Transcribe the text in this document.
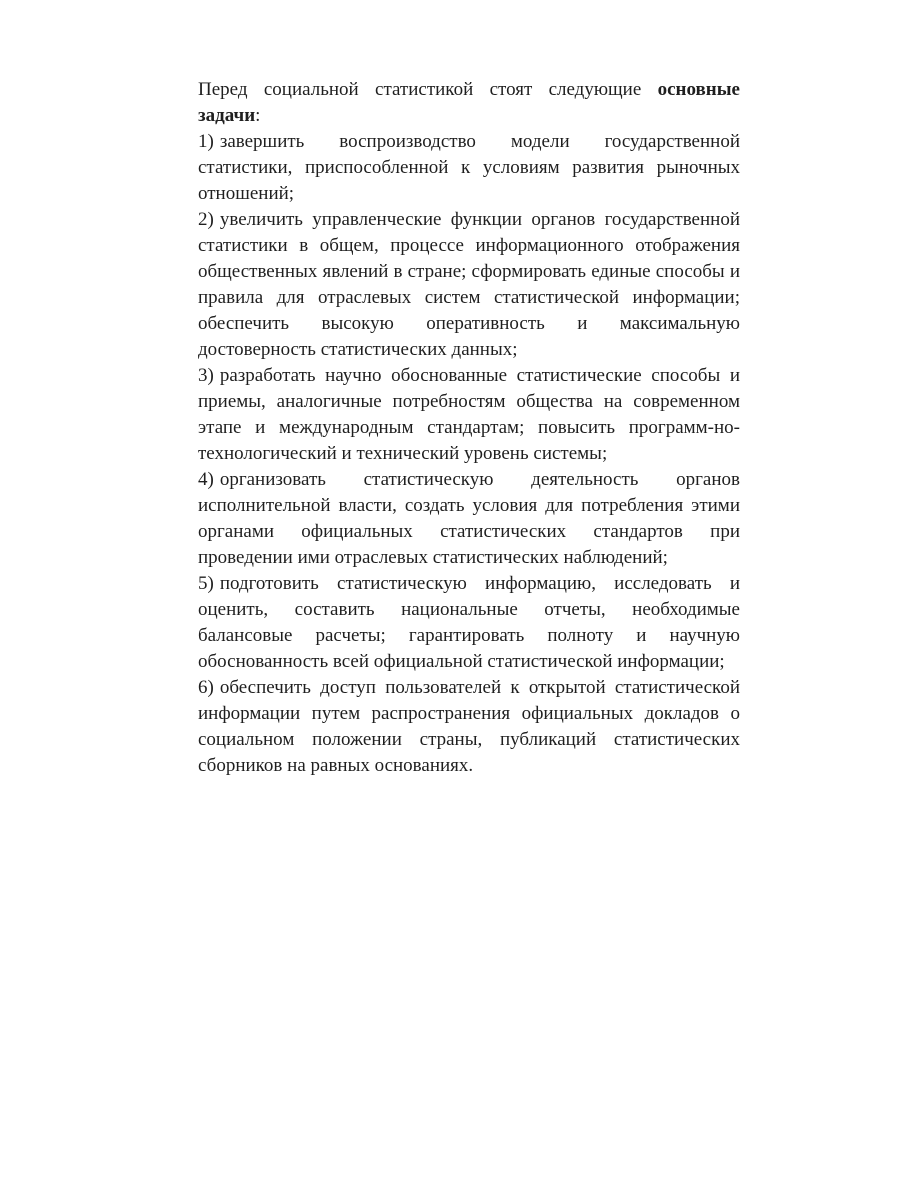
Перед социальной статистикой стоят следующие основные задачи:

1) завершить воспроизводство модели государственной статистики, приспособленной к условиям развития рыночных отношений;

2) увеличить управленческие функции органов государственной статистики в общем, процессе информационного отображения общественных явлений в стране; сформировать единые способы и правила для отраслевых систем статистической информации; обеспечить высокую оперативность и максимальную достоверность статистических данных;

3) разработать научно обоснованные статистические способы и приемы, аналогичные потребностям общества на современном этапе и международным стандартам; повысить программ-но-технологический и технический уровень системы;

4) организовать статистическую деятельность органов исполнительной власти, создать условия для потребления этими органами официальных статистических стандартов при проведении ими отраслевых статистических наблюдений;

5) подготовить статистическую информацию, исследовать и оценить, составить национальные отчеты, необходимые балансовые расчеты; гарантировать полноту и научную обоснованность всей официальной статистической информации;

6) обеспечить доступ пользователей к открытой статистической информации путем распространения официальных докладов о социальном положении страны, публикаций статистических сборников на равных основаниях.
